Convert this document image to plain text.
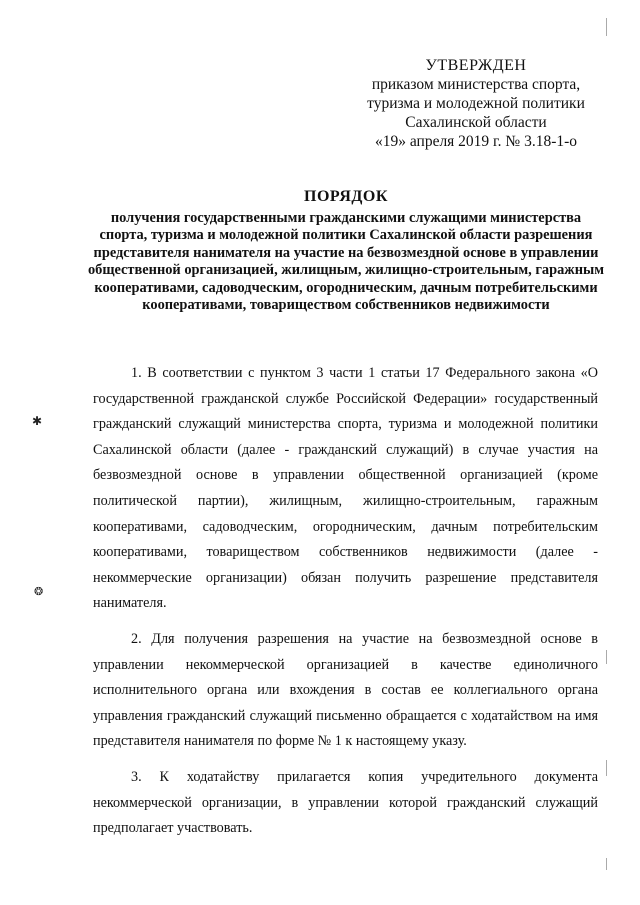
УТВЕРЖДЕН
приказом министерства спорта,
туризма и молодежной политики
Сахалинской области
«19» апреля 2019 г. № 3.18-1-о
ПОРЯДОК
получения государственными гражданскими служащими министерства спорта, туризма и молодежной политики Сахалинской области разрешения представителя нанимателя на участие на безвозмездной основе в управлении общественной организацией, жилищным, жилищно-строительным, гаражным кооперативами, садоводческим, огородническим, дачным потребительскими кооперативами, товариществом собственников недвижимости

1. В соответствии с пунктом 3 части 1 статьи 17 Федерального закона «О государственной гражданской службе Российской Федерации» государственный гражданский служащий министерства спорта, туризма и молодежной политики Сахалинской области (далее - гражданский служащий) в случае участия на безвозмездной основе в управлении общественной организацией (кроме политической партии), жилищным, жилищно-строительным, гаражным кооперативами, садоводческим, огородническим, дачным потребительским кооперативами, товариществом собственников недвижимости (далее - некоммерческие организации) обязан получить разрешение представителя нанимателя.

2. Для получения разрешения на участие на безвозмездной основе в управлении некоммерческой организацией в качестве единоличного исполнительного органа или вхождения в состав ее коллегиального органа управления гражданский служащий письменно обращается с ходатайством на имя представителя нанимателя по форме № 1 к настоящему указу.

3. К ходатайству прилагается копия учредительного документа некоммерческой организации, в управлении которой гражданский служащий предполагает участвовать.

✱
❂
